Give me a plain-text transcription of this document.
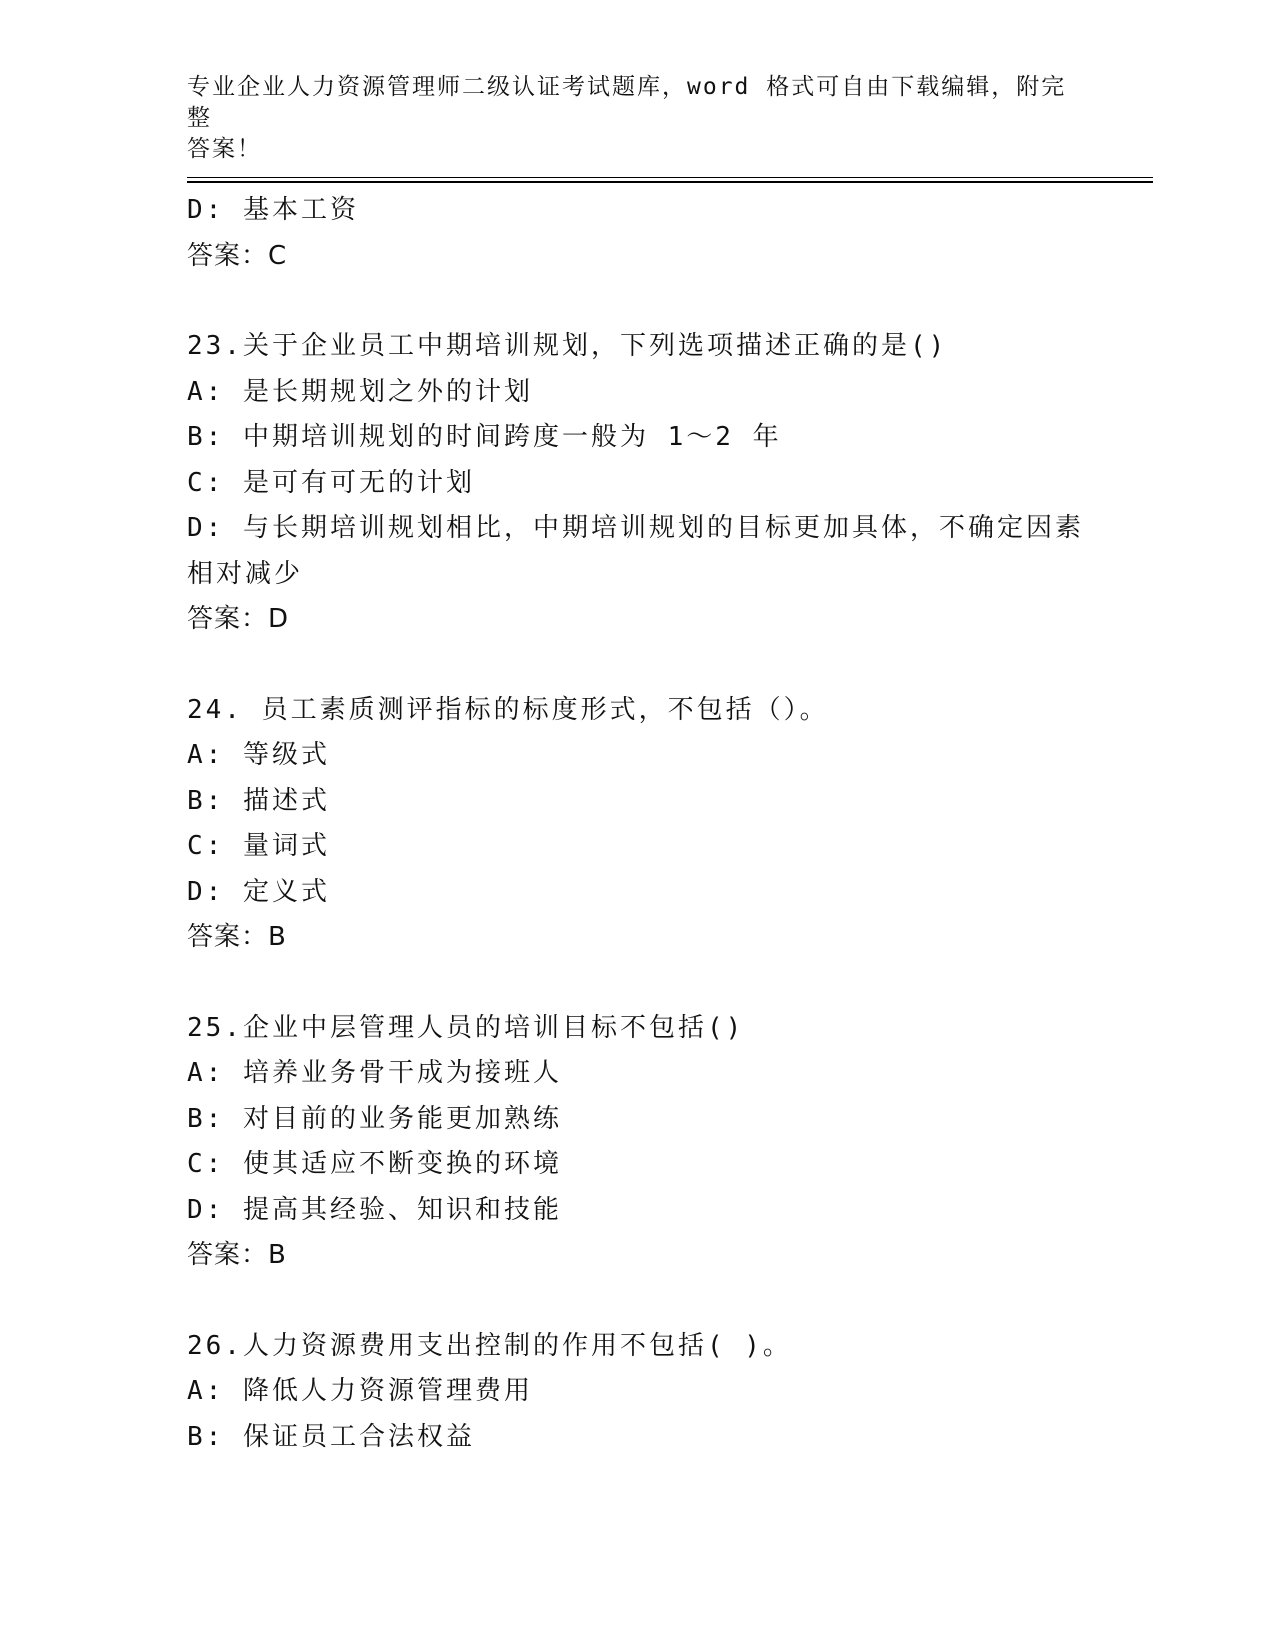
专业企业人力资源管理师二级认证考试题库，word 格式可自由下载编辑，附完整
答案！
D: 基本工资
答案：C
23.关于企业员工中期培训规划，下列选项描述正确的是()
A: 是长期规划之外的计划
B: 中期培训规划的时间跨度一般为 1～2 年
C: 是可有可无的计划
D: 与长期培训规划相比，中期培训规划的目标更加具体，不确定因素
相对减少
答案：D
24. 员工素质测评指标的标度形式，不包括（）。
A: 等级式
B: 描述式
C: 量词式
D: 定义式
答案：B
25.企业中层管理人员的培训目标不包括()
A: 培养业务骨干成为接班人
B: 对目前的业务能更加熟练
C: 使其适应不断变换的环境
D: 提高其经验、知识和技能
答案：B
26.人力资源费用支出控制的作用不包括( )。
A: 降低人力资源管理费用
B: 保证员工合法权益
